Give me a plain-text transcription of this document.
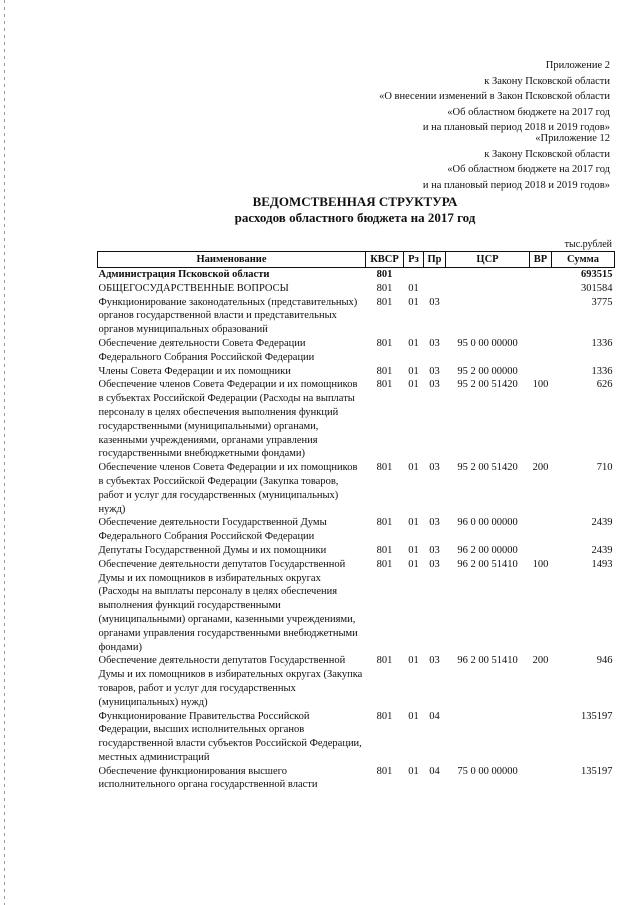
Приложение 2
к Закону Псковской области
«О внесении изменений в Закон Псковской области
«Об областном бюджете на 2017 год
и на плановый период 2018 и 2019 годов»
«Приложение 12
к Закону Псковской области
«Об областном бюджете на 2017 год
и на плановый период 2018 и 2019 годов»
ВЕДОМСТВЕННАЯ СТРУКТУРА
расходов областного бюджета на 2017 год
тыс.рублей
Наименование	КВСР	Рз	Пр	ЦСР	ВР	Сумма
Администрация Псковской области	801					693515
ОБЩЕГОСУДАРСТВЕННЫЕ ВОПРОСЫ	801	01				301584
Функционирование законодательных (представительных) органов государственной власти и представительных органов муниципальных образований	801	01	03			3775
Обеспечение деятельности Совета Федерации Федерального Собрания Российской Федерации	801	01	03	95 0 00 00000		1336
Члены Совета Федерации и их помощники	801	01	03	95 2 00 00000		1336
Обеспечение членов Совета Федерации и их помощников в субъектах Российской Федерации (Расходы на выплаты персоналу в целях обеспечения выполнения функций государственными (муниципальными) органами, казенными учреждениями, органами управления государственными внебюджетными фондами)	801	01	03	95 2 00 51420	100	626
Обеспечение членов Совета Федерации и их помощников в субъектах Российской Федерации (Закупка товаров, работ и услуг для государственных (муниципальных) нужд)	801	01	03	95 2 00 51420	200	710
Обеспечение деятельности Государственной Думы Федерального Собрания Российской Федерации	801	01	03	96 0 00 00000		2439
Депутаты Государственной Думы и их помощники	801	01	03	96 2 00 00000		2439
Обеспечение деятельности депутатов Государственной Думы и их помощников в избирательных округах (Расходы на выплаты персоналу в целях обеспечения выполнения функций государственными (муниципальными) органами, казенными учреждениями, органами управления государственными внебюджетными фондами)	801	01	03	96 2 00 51410	100	1493
Обеспечение деятельности депутатов Государственной Думы и их помощников в избирательных округах (Закупка товаров, работ и услуг для государственных (муниципальных) нужд)	801	01	03	96 2 00 51410	200	946
Функционирование Правительства Российской Федерации, высших исполнительных органов государственной власти субъектов Российской Федерации, местных администраций	801	01	04			135197
Обеспечение функционирования высшего исполнительного органа государственной власти	801	01	04	75 0 00 00000		135197
